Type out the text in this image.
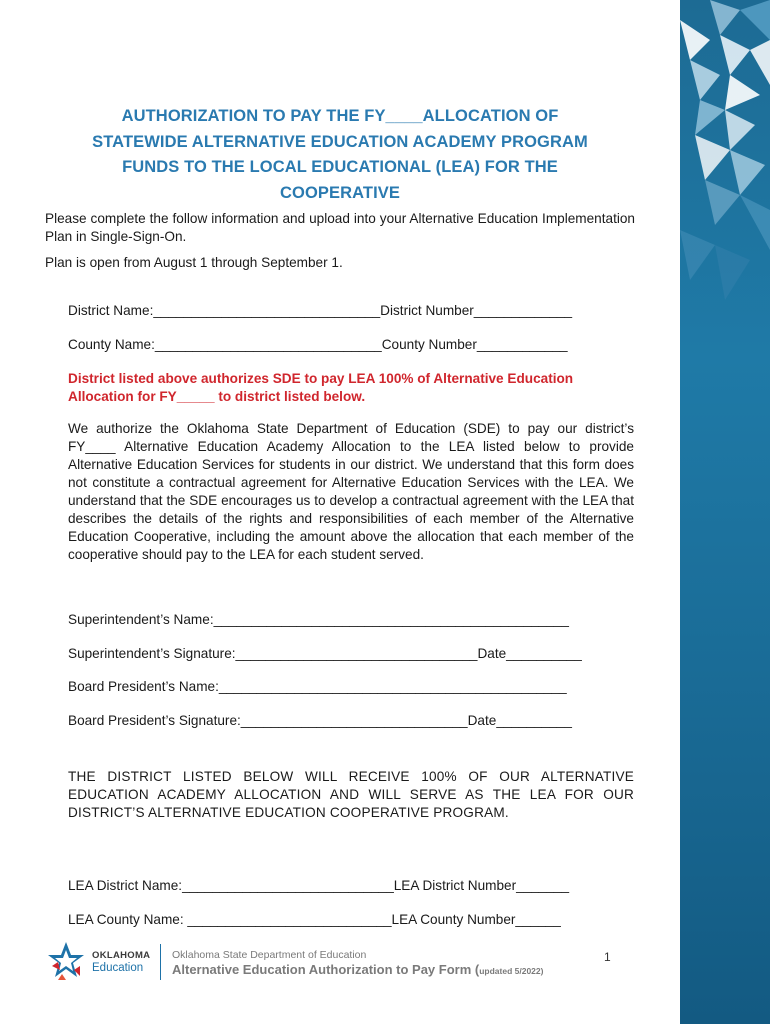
AUTHORIZATION TO PAY THE FY____ALLOCATION OF
STATEWIDE ALTERNATIVE EDUCATION ACADEMY PROGRAM
FUNDS TO THE LOCAL EDUCATIONAL (LEA) FOR THE
COOPERATIVE
Please complete the follow information and upload into your Alternative Education Implementation Plan in Single-Sign-On.
Plan is open from August 1 through September 1.
District Name:______________________________District Number_____________
County Name:______________________________County Number____________
District listed above authorizes SDE to pay LEA 100% of Alternative Education Allocation for FY_____ to district listed below.
We authorize the Oklahoma State Department of Education (SDE) to pay our district’s FY____ Alternative Education Academy Allocation to the LEA listed below to provide Alternative Education Services for students in our district. We understand that this form does not constitute a contractual agreement for Alternative Education Services with the LEA. We understand that the SDE encourages us to develop a contractual agreement with the LEA that describes the details of the rights and responsibilities of each member of the Alternative Education Cooperative, including the amount above the allocation that each member of the cooperative should pay to the LEA for each student served.
Superintendent’s Name:_______________________________________________
Superintendent’s Signature:________________________________Date__________
Board President’s Name:______________________________________________
Board President’s Signature:______________________________Date__________
THE DISTRICT LISTED BELOW WILL RECEIVE 100% OF OUR ALTERNATIVE EDUCATION ACADEMY ALLOCATION AND WILL SERVE AS THE LEA FOR OUR DISTRICT’S ALTERNATIVE EDUCATION COOPERATIVE PROGRAM.
LEA District Name:____________________________LEA District Number_______
LEA County Name: ___________________________LEA County Number______
OKLAHOMA
Education
Oklahoma State Department of Education
Alternative Education Authorization to Pay Form (updated 5/2022)
1
